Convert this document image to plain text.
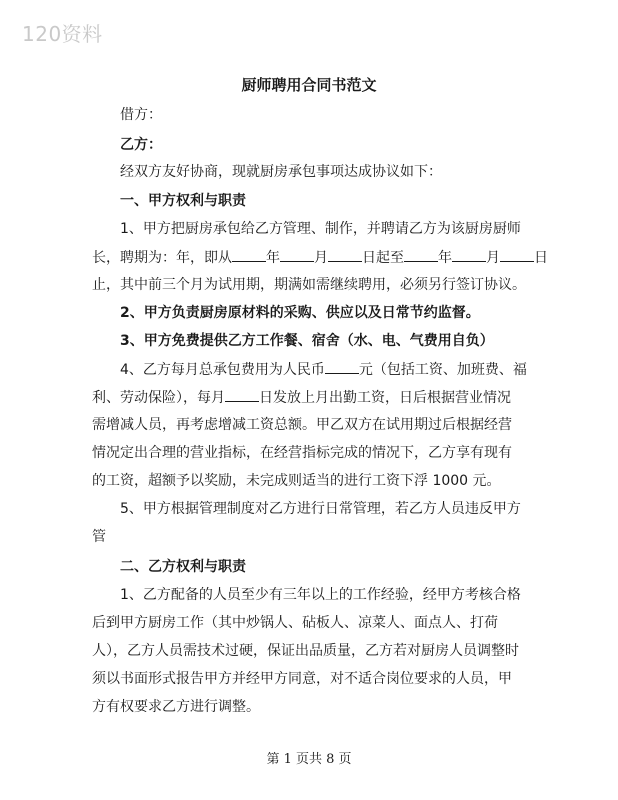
120资料
厨师聘用合同书范文
借方：
乙方：
经双方友好协商，现就厨房承包事项达成协议如下：
一、甲方权利与职责
1、甲方把厨房承包给乙方管理、制作，并聘请乙方为该厨房厨师
长，聘期为：年，即从 年 月 日起至 年 月 日
止，其中前三个月为试用期，期满如需继续聘用，必须另行签订协议。
2、甲方负责厨房原材料的采购、供应以及日常节约监督。
3、甲方免费提供乙方工作餐、宿舍（水、电、气费用自负）
4、乙方每月总承包费用为人民币 元（包括工资、加班费、福
利、劳动保险），每月 日发放上月出勤工资，日后根据营业情况
需增减人员，再考虑增减工资总额。甲乙双方在试用期过后根据经营
情况定出合理的营业指标，在经营指标完成的情况下，乙方享有现有
的工资，超额予以奖励，未完成则适当的进行工资下浮 1000 元。
5、甲方根据管理制度对乙方进行日常管理，若乙方人员违反甲方
管
二、乙方权利与职责
1、乙方配备的人员至少有三年以上的工作经验，经甲方考核合格
后到甲方厨房工作（其中炒锅人、砧板人、凉菜人、面点人、打荷
人），乙方人员需技术过硬，保证出品质量，乙方若对厨房人员调整时
须以书面形式报告甲方并经甲方同意，对不适合岗位要求的人员，甲
方有权要求乙方进行调整。
第 1 页共 8 页
